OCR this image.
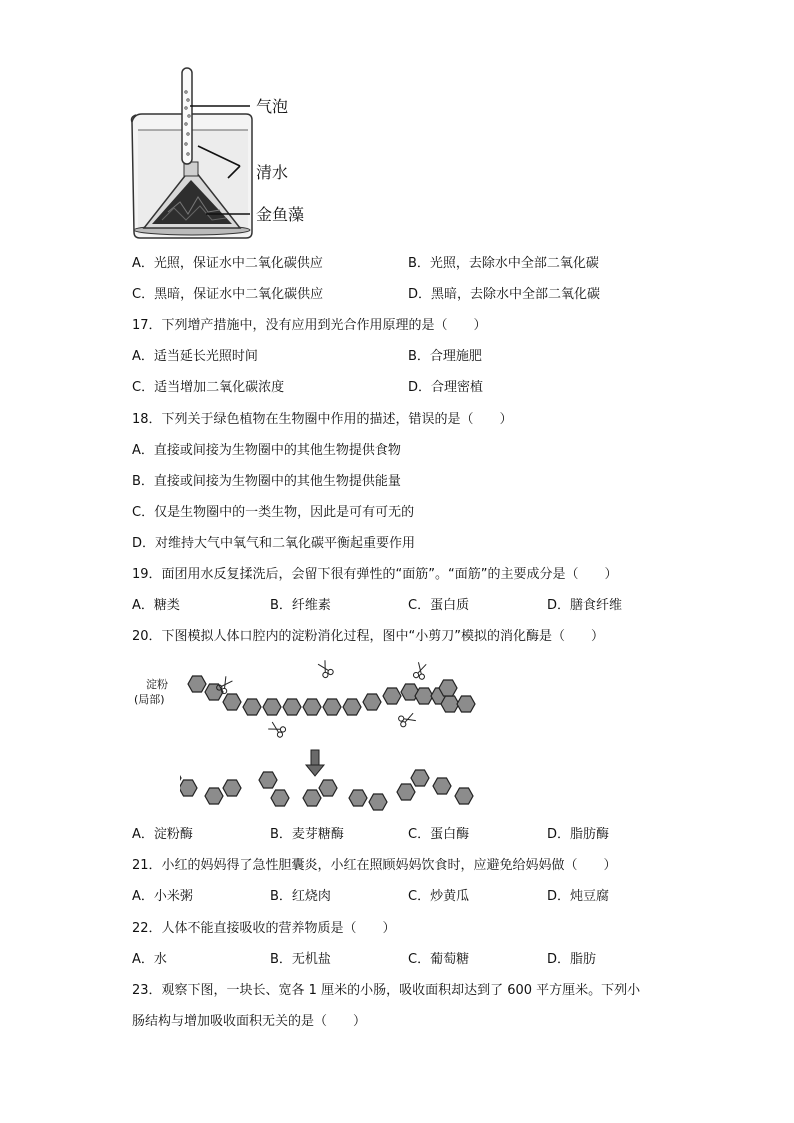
气泡
清水
金鱼藻
A．光照，保证水中二氧化碳供应	B．光照，去除水中全部二氧化碳
C．黑暗，保证水中二氧化碳供应	D．黑暗，去除水中全部二氧化碳
17．下列增产措施中，没有应用到光合作用原理的是（　　）
A．适当延长光照时间	B．合理施肥
C．适当增加二氧化碳浓度	D．合理密植
18．下列关于绿色植物在生物圈中作用的描述，错误的是（　　）
A．直接或间接为生物圈中的其他生物提供食物
B．直接或间接为生物圈中的其他生物提供能量
C．仅是生物圈中的一类生物，因此是可有可无的
D．对维持大气中氧气和二氧化碳平衡起重要作用
19．面团用水反复揉洗后，会留下很有弹性的“面筋”。“面筋”的主要成分是（　　）
A．糖类	B．纤维素	C．蛋白质	D．膳食纤维
20．下图模拟人体口腔内的淀粉消化过程，图中“小剪刀”模拟的消化酶是（　　）
淀粉
(局部)
A．淀粉酶	B．麦芽糖酶	C．蛋白酶	D．脂肪酶
21．小红的妈妈得了急性胆囊炎，小红在照顾妈妈饮食时，应避免给妈妈做（　　）
A．小米粥	B．红烧肉	C．炒黄瓜	D．炖豆腐
22．人体不能直接吸收的营养物质是（　　）
A．水	B．无机盐	C．葡萄糖	D．脂肪
23．观察下图，一块长、宽各 1 厘米的小肠，吸收面积却达到了 600 平方厘米。下列小
肠结构与增加吸收面积无关的是（　　）
